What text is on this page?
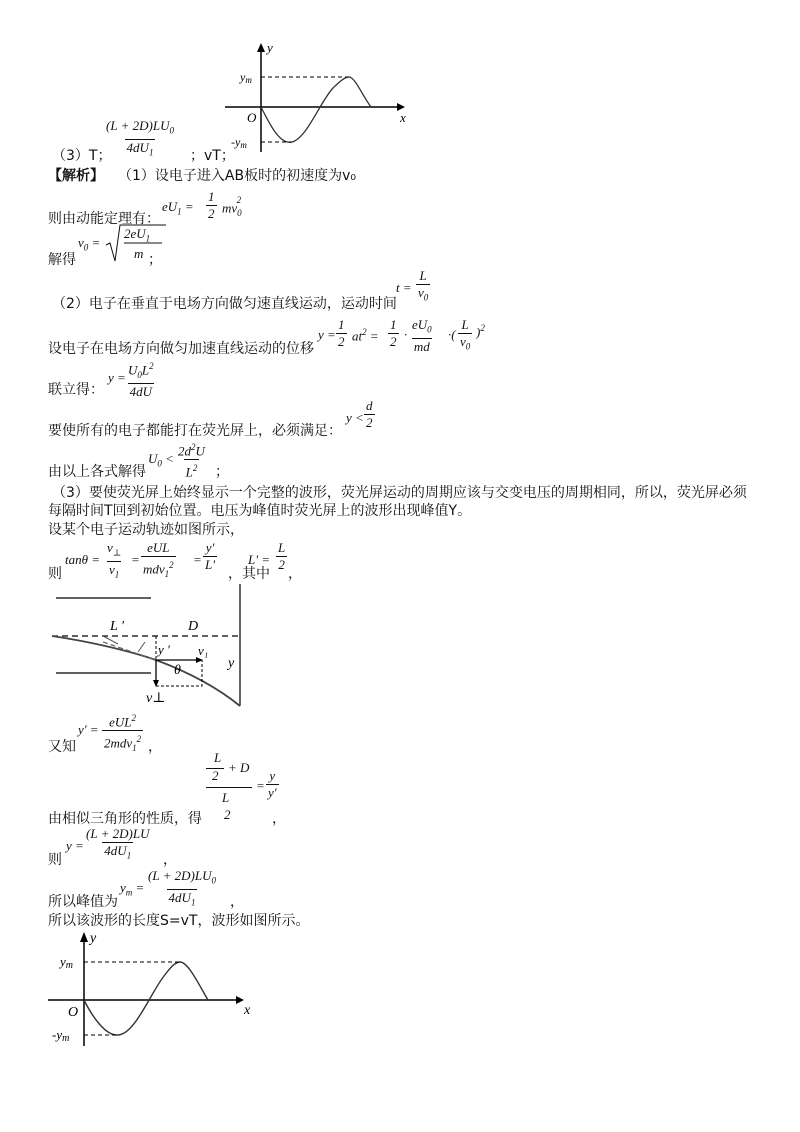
y
x
O
ym
-ym
（3）T；
$\frac{(L + 2D)LU_0}{4dU_1}$ ；vT；
【解析】 （1）设电子进入AB板时的初速度为v₀
则由动能定理有：
$eU_1 = \frac{1}{2} mv_0^2$
解得
$v_0$ =
$2eU_1$
m ；
（2）电子在垂直于电场方向做匀速直线运动，运动时间
$t = \frac{L}{v_0}$
设电子在电场方向做匀加速直线运动的位移
$y = \frac{1}{2} at^2 = \frac{1}{2} \cdot \frac{eU_0}{md}$ ·( $\frac{L}{v_0} )^2$
联立得：
$y = \frac{U_0L^2}{4dU}$
要使所有的电子都能打在荧光屏上，必须满足：
$y < \frac{d}{2}$
由以上各式解得
$U_0 < \frac{2d^2U}{L^2}$ ；
（3）要使荧光屏上始终显示一个完整的波形，荧光屏运动的周期应该与交变电压的周期相同，所以，荧光屏必须
每隔时间T回到初始位置。电压为峰值时荧光屏上的波形出现峰值Y。
设某个电子运动轨迹如图所示，
则
$\tan\theta = \frac{v_\perp}{v_1}$ =
eUL
$mdv_1^2 = \frac{y'}{L'}$
，其中
$L' = \frac{L}{2}$
，
L ′	D
y ′
θ
v₁
y
v⊥
又知
y' =
eUL$^2$
2mdv$_1^2$ ，
由相似三角形的性质，得
L
2
+ D
L
2
= $\frac{y}{y'}$
，
则
$y = \frac{(L + 2D)LU}{4dU_1}$ ，
所以峰值为
$y_m = \frac{(L + 2D)LU_0}{4dU_1}$ ，
所以该波形的长度S=vT，波形如图所示。
y
x
O
ym
-ym
